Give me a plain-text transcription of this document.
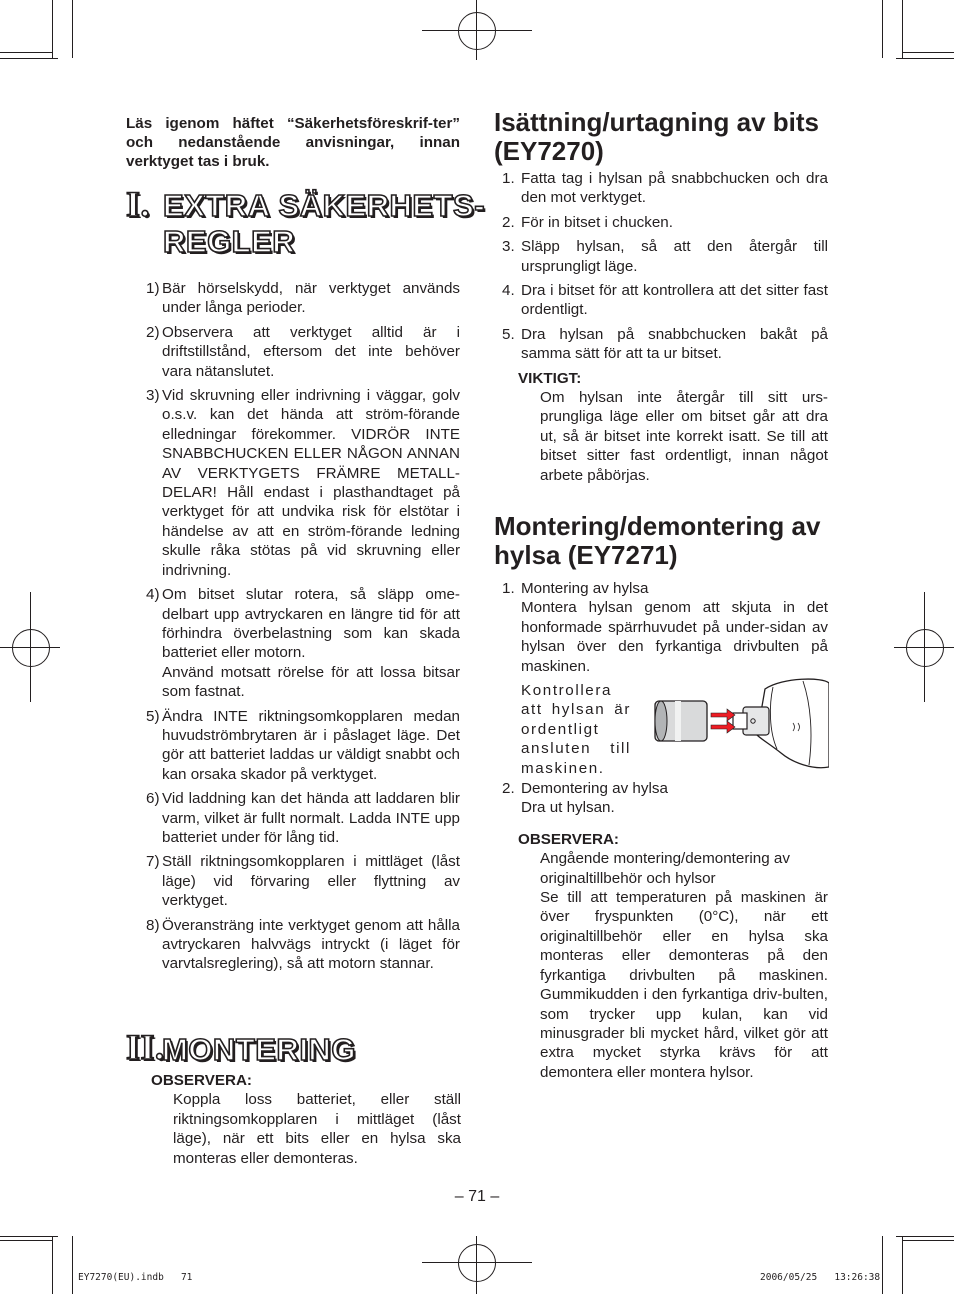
Läs igenom häftet “Säkerhetsföreskrif-ter” och nedanstående anvisningar, innan verktyget tas i bruk.
I. EXTRA SÄKERHETS-
REGLER
1) Bär hörselskydd, när verktyget används under långa perioder.
2) Observera att verktyget alltid är i driftstillstånd, eftersom det inte behöver vara nätanslutet.
3) Vid skruvning eller indrivning i väggar, golv o.s.v. kan det hända att ström-förande elledningar förekommer. VIDRÖR INTE SNABBCHUCKEN ELLER NÅGON ANNAN AV VERKTYGETS FRÄMRE METALL-DELAR! Håll endast i plasthandtaget på verktyget för att undvika risk för elstötar i händelse av att en ström-förande ledning skulle råka stötas på vid skruvning eller indrivning.
4) Om bitset slutar rotera, så släpp ome-delbart upp avtryckaren en längre tid för att förhindra överbelastning som kan skada batteriet eller motorn.
Använd motsatt rörelse för att lossa bitsar som fastnat.
5) Ändra INTE riktningsomkopplaren medan huvudströmbrytaren är i påslaget läge. Det gör att batteriet laddas ur väldigt snabbt och kan orsaka skador på verktyget.
6) Vid laddning kan det hända att laddaren blir varm, vilket är fullt normalt. Ladda INTE upp batteriet under för lång tid.
7) Ställ riktningsomkopplaren i mittläget (låst läge) vid förvaring eller flyttning av verktyget.
8) Överansträng inte verktyget genom att hålla avtryckaren halvvägs intryckt (i läget för varvtalsreglering), så att motorn stannar.
II.
MONTERING
OBSERVERA:
Koppla loss batteriet, eller ställ riktningsomkopplaren i mittläget (låst läge), när ett bits eller en hylsa ska monteras eller demonteras.
Isättning/urtagning av bits (EY7270)
1. Fatta tag i hylsan på snabbchucken och dra den mot verktyget.
2. För in bitset i chucken.
3. Släpp hylsan, så att den återgår till ursprungligt läge.
4. Dra i bitset för att kontrollera att det sitter fast ordentligt.
5. Dra hylsan på snabbchucken bakåt på samma sätt för att ta ur bitset.
VIKTIGT:
Om hylsan inte återgår till sitt urs-prungliga läge eller om bitset går att dra ut, så är bitset inte korrekt isatt. Se till att bitset sitter fast ordentligt, innan något arbete påbörjas.
Montering/demontering av hylsa (EY7271)
1. Montering av hylsa
Montera hylsan genom att skjuta in det honformade spärrhuvudet på under-sidan av hylsan över den fyrkantiga drivbulten på maskinen.
Kontrollera att hylsan är ordentligt ansluten till maskinen.
2. Demontering av hylsa
Dra ut hylsan.
OBSERVERA:
Angående montering/demontering av originaltillbehör och hylsor
Se till att temperaturen på maskinen är över fryspunkten (0°C), när ett originaltillbehör eller en hylsa ska monteras eller demonteras på den fyrkantiga drivbulten på maskinen. Gummikudden i den fyrkantiga driv-bulten, som trycker upp kulan, kan vid minusgrader bli mycket hård, vilket gör att extra mycket styrka krävs för att demontera eller montera hylsor.
– 71 –
EY7270(EU).indb   71	2006/05/25   13:26:38
